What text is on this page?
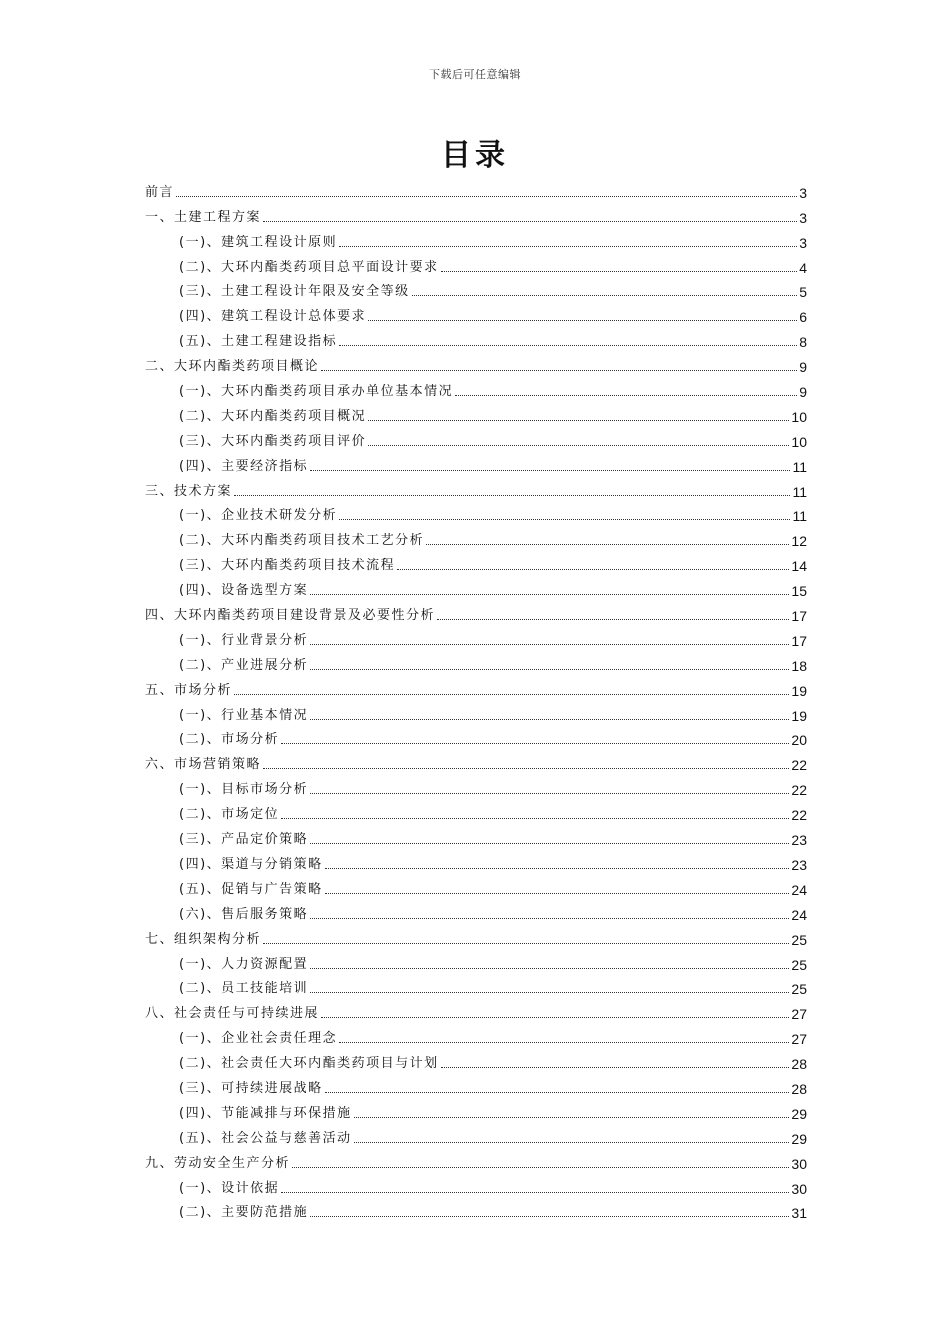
下载后可任意编辑
目录
前言	3
一、土建工程方案	3
(一)、建筑工程设计原则	3
(二)、大环内酯类药项目总平面设计要求	4
(三)、土建工程设计年限及安全等级	5
(四)、建筑工程设计总体要求	6
(五)、土建工程建设指标	8
二、大环内酯类药项目概论	9
(一)、大环内酯类药项目承办单位基本情况	9
(二)、大环内酯类药项目概况	10
(三)、大环内酯类药项目评价	10
(四)、主要经济指标	11
三、技术方案	11
(一)、企业技术研发分析	11
(二)、大环内酯类药项目技术工艺分析	12
(三)、大环内酯类药项目技术流程	14
(四)、设备选型方案	15
四、大环内酯类药项目建设背景及必要性分析	17
(一)、行业背景分析	17
(二)、产业进展分析	18
五、市场分析	19
(一)、行业基本情况	19
(二)、市场分析	20
六、市场营销策略	22
(一)、目标市场分析	22
(二)、市场定位	22
(三)、产品定价策略	23
(四)、渠道与分销策略	23
(五)、促销与广告策略	24
(六)、售后服务策略	24
七、组织架构分析	25
(一)、人力资源配置	25
(二)、员工技能培训	25
八、社会责任与可持续进展	27
(一)、企业社会责任理念	27
(二)、社会责任大环内酯类药项目与计划	28
(三)、可持续进展战略	28
(四)、节能减排与环保措施	29
(五)、社会公益与慈善活动	29
九、劳动安全生产分析	30
(一)、设计依据	30
(二)、主要防范措施	31
